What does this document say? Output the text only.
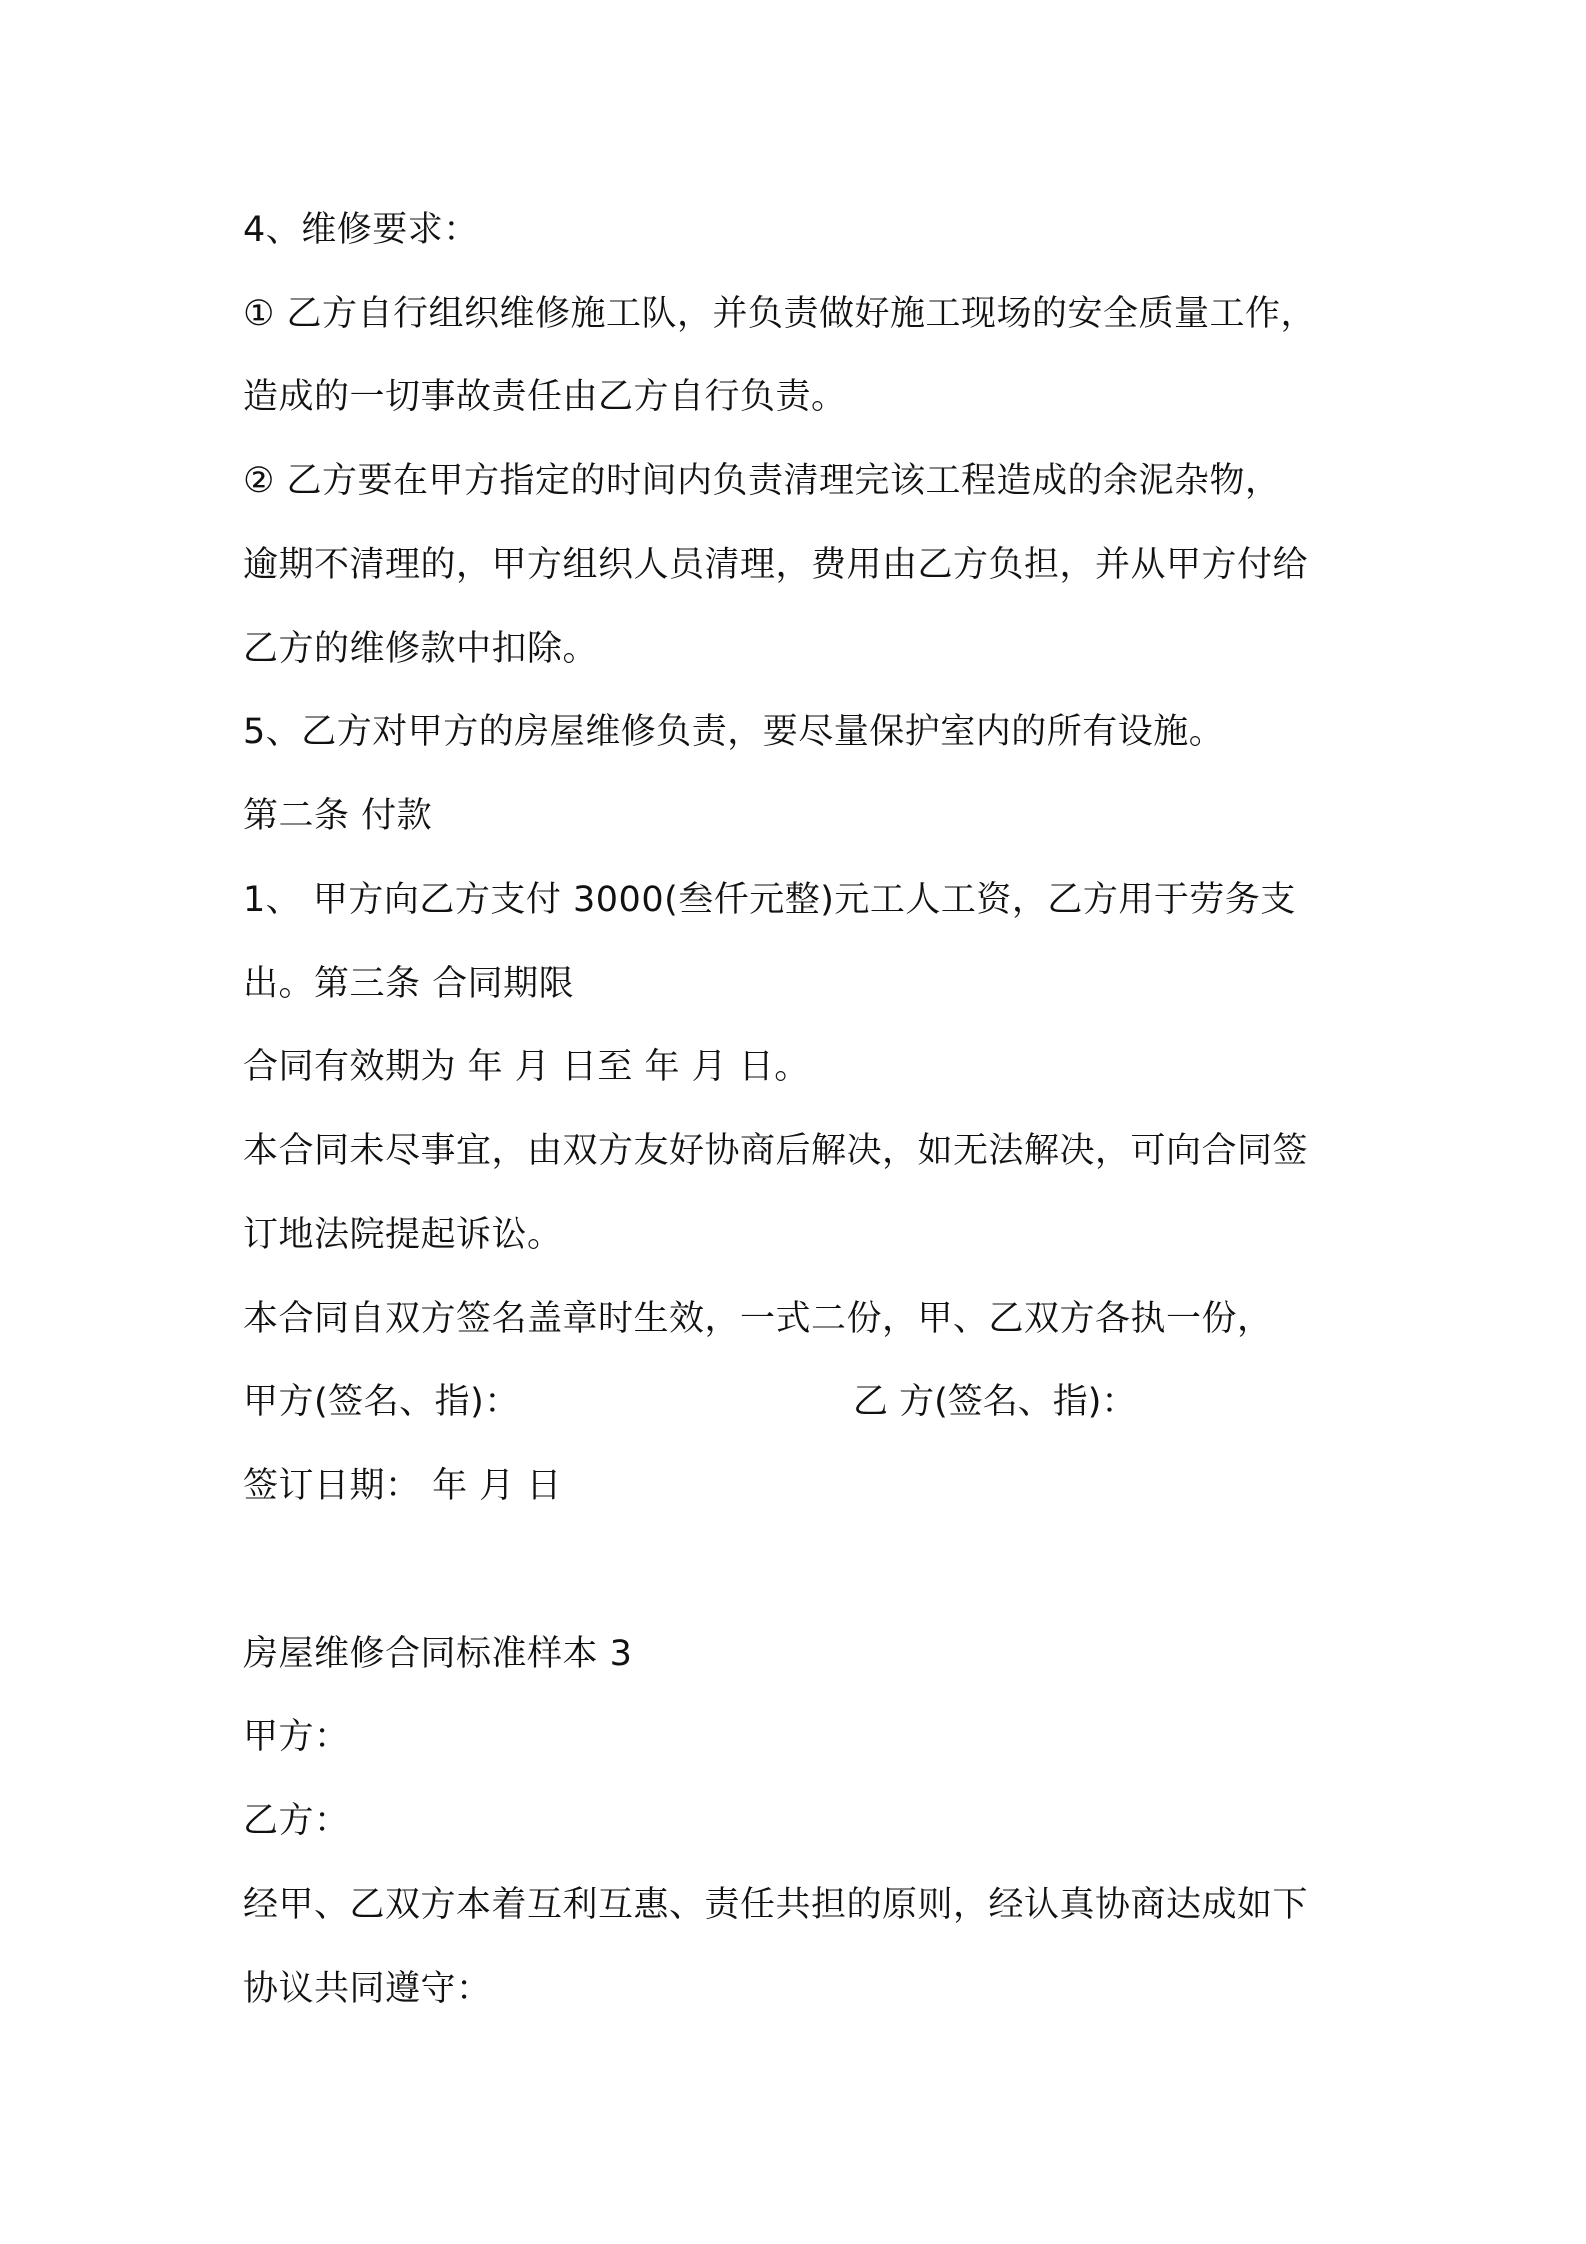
4、维修要求：
① 乙方自行组织维修施工队，并负责做好施工现场的安全质量工作，
造成的一切事故责任由乙方自行负责。
② 乙方要在甲方指定的时间内负责清理完该工程造成的余泥杂物，
逾期不清理的，甲方组织人员清理，费用由乙方负担，并从甲方付给
乙方的维修款中扣除。
5、乙方对甲方的房屋维修负责，要尽量保护室内的所有设施。
第二条 付款
1、 甲方向乙方支付 3000(叁仟元整)元工人工资，乙方用于劳务支
出。第三条 合同期限
合同有效期为 年 月 日至 年 月 日。
本合同未尽事宜，由双方友好协商后解决，如无法解决，可向合同签
订地法院提起诉讼。
本合同自双方签名盖章时生效，一式二份，甲、乙双方各执一份，
甲方(签名、指)：	乙 方(签名、指)：
签订日期： 年 月 日
房屋维修合同标准样本 3
甲方：
乙方：
经甲、乙双方本着互利互惠、责任共担的原则，经认真协商达成如下
协议共同遵守：
